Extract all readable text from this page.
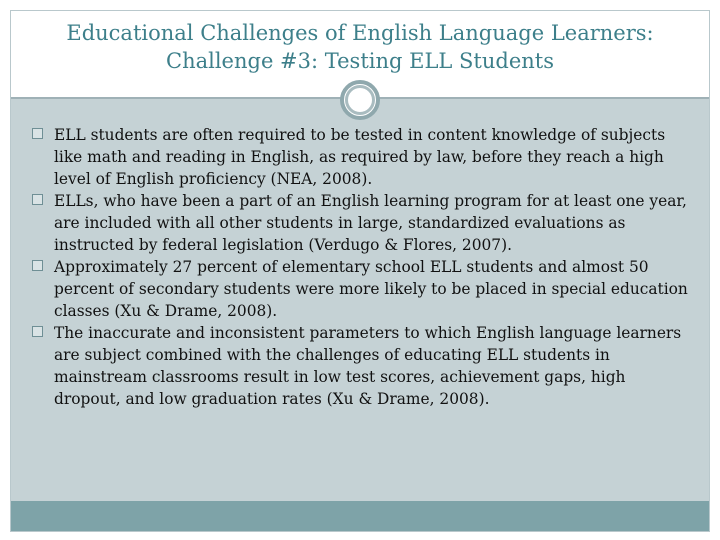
Educational Challenges of English Language Learners:
Challenge #3: Testing ELL Students
ELL students are often required to be tested in content knowledge of subjects like math and reading in English, as required by law, before they reach a high level of English proficiency (NEA, 2008).
ELLs, who have been a part of an English learning program for at least one year, are included with all other students in large, standardized evaluations as instructed by federal legislation (Verdugo & Flores, 2007).
Approximately 27 percent of elementary school ELL students and almost 50 percent of secondary students were more likely to be placed in special education classes (Xu & Drame, 2008).
The inaccurate and inconsistent parameters to which English language learners are subject combined with the challenges of educating ELL students in mainstream classrooms result in low test scores, achievement gaps, high dropout, and low graduation rates (Xu & Drame, 2008).
